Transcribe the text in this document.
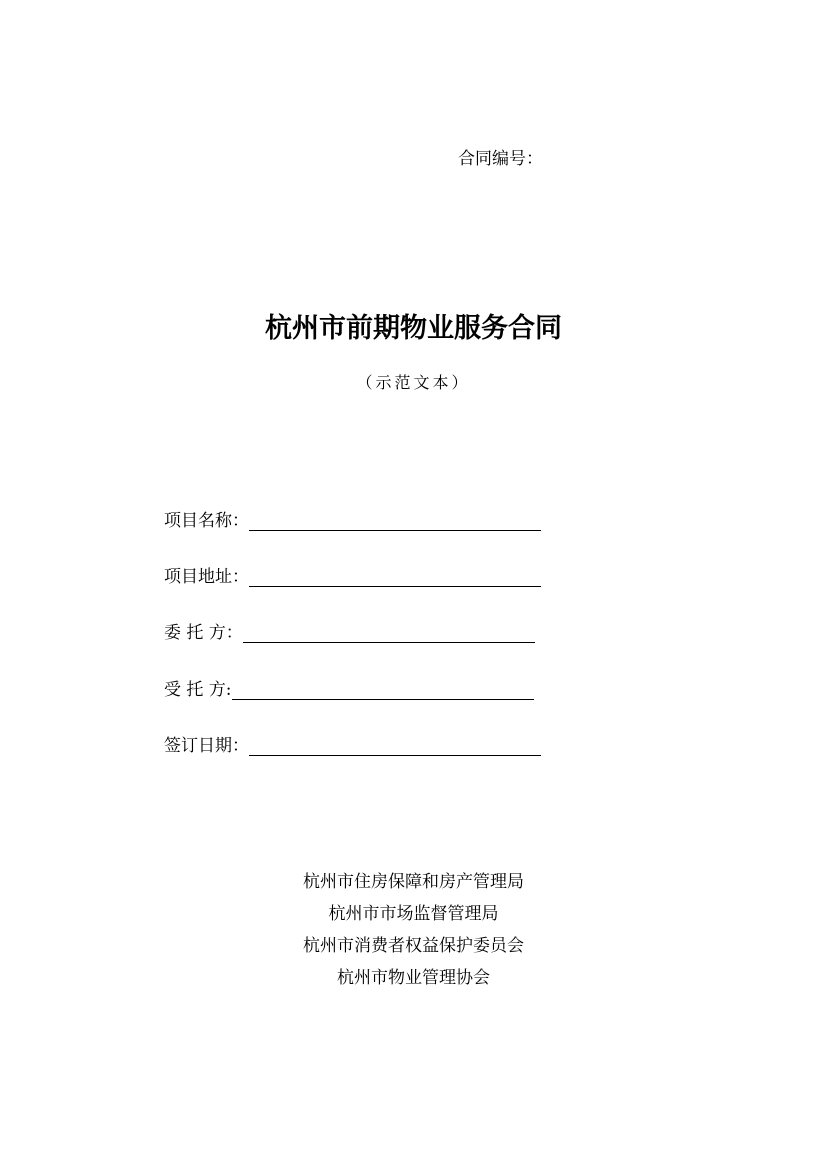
合同编号：
杭州市前期物业服务合同
（示范文本）
项目名称：
项目地址：
委 托 方：
受 托 方:
签订日期：
杭州市住房保障和房产管理局
杭州市市场监督管理局
杭州市消费者权益保护委员会
杭州市物业管理协会
